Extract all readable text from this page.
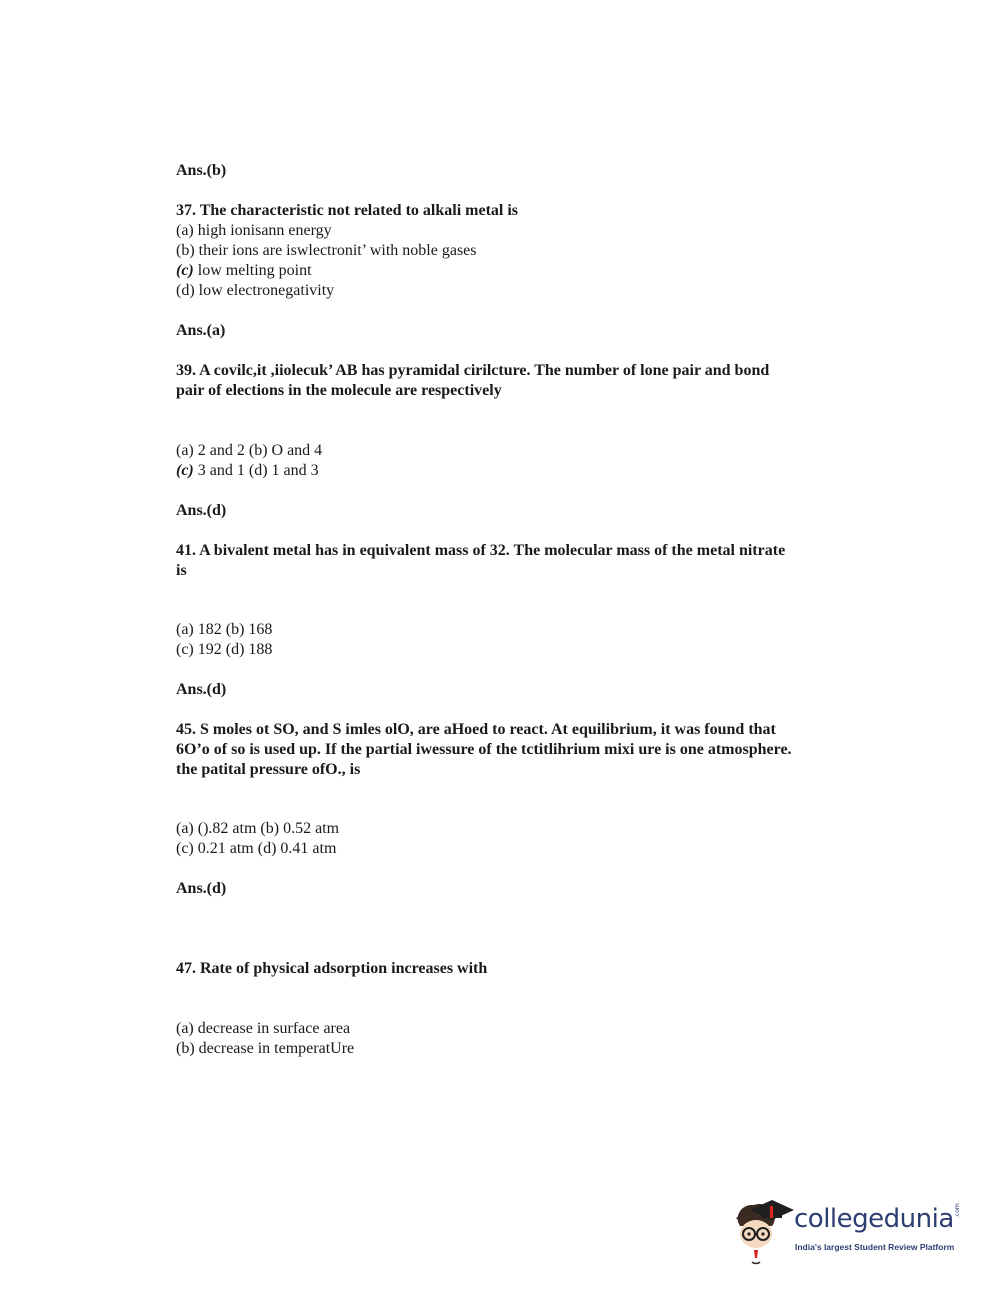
Ans.(b)
37. The characteristic not related to alkali metal is
(a) high ionisann energy
(b) their ions are iswlectronit’ with noble gases
(c) low melting point
(d) low electronegativity
Ans.(a)
39. A covilc,it ,iiolecuk’ AB has pyramidal cirilcture. The number of lone pair and bond
pair of elections in the molecule are respectively
(a) 2 and 2 (b) O and 4
(c) 3 and 1 (d) 1 and 3
Ans.(d)
41. A bivalent metal has in equivalent mass of 32. The molecular mass of the metal nitrate
is
(a) 182 (b) 168
(c) 192 (d) 188
Ans.(d)
45. S moles ot SO, and S imles olO, are aHoed to react. At equilibrium, it was found that
6O’o of so is used up. If the partial iwessure of the tctitlihrium mixi ure is one atmosphere.
the patital pressure ofO., is
(a) ().82 atm (b) 0.52 atm
(c) 0.21 atm (d) 0.41 atm
Ans.(d)
47. Rate of physical adsorption increases with
(a) decrease in surface area
(b) decrease in temperatUre
collegedunia .com
India's largest Student Review Platform
